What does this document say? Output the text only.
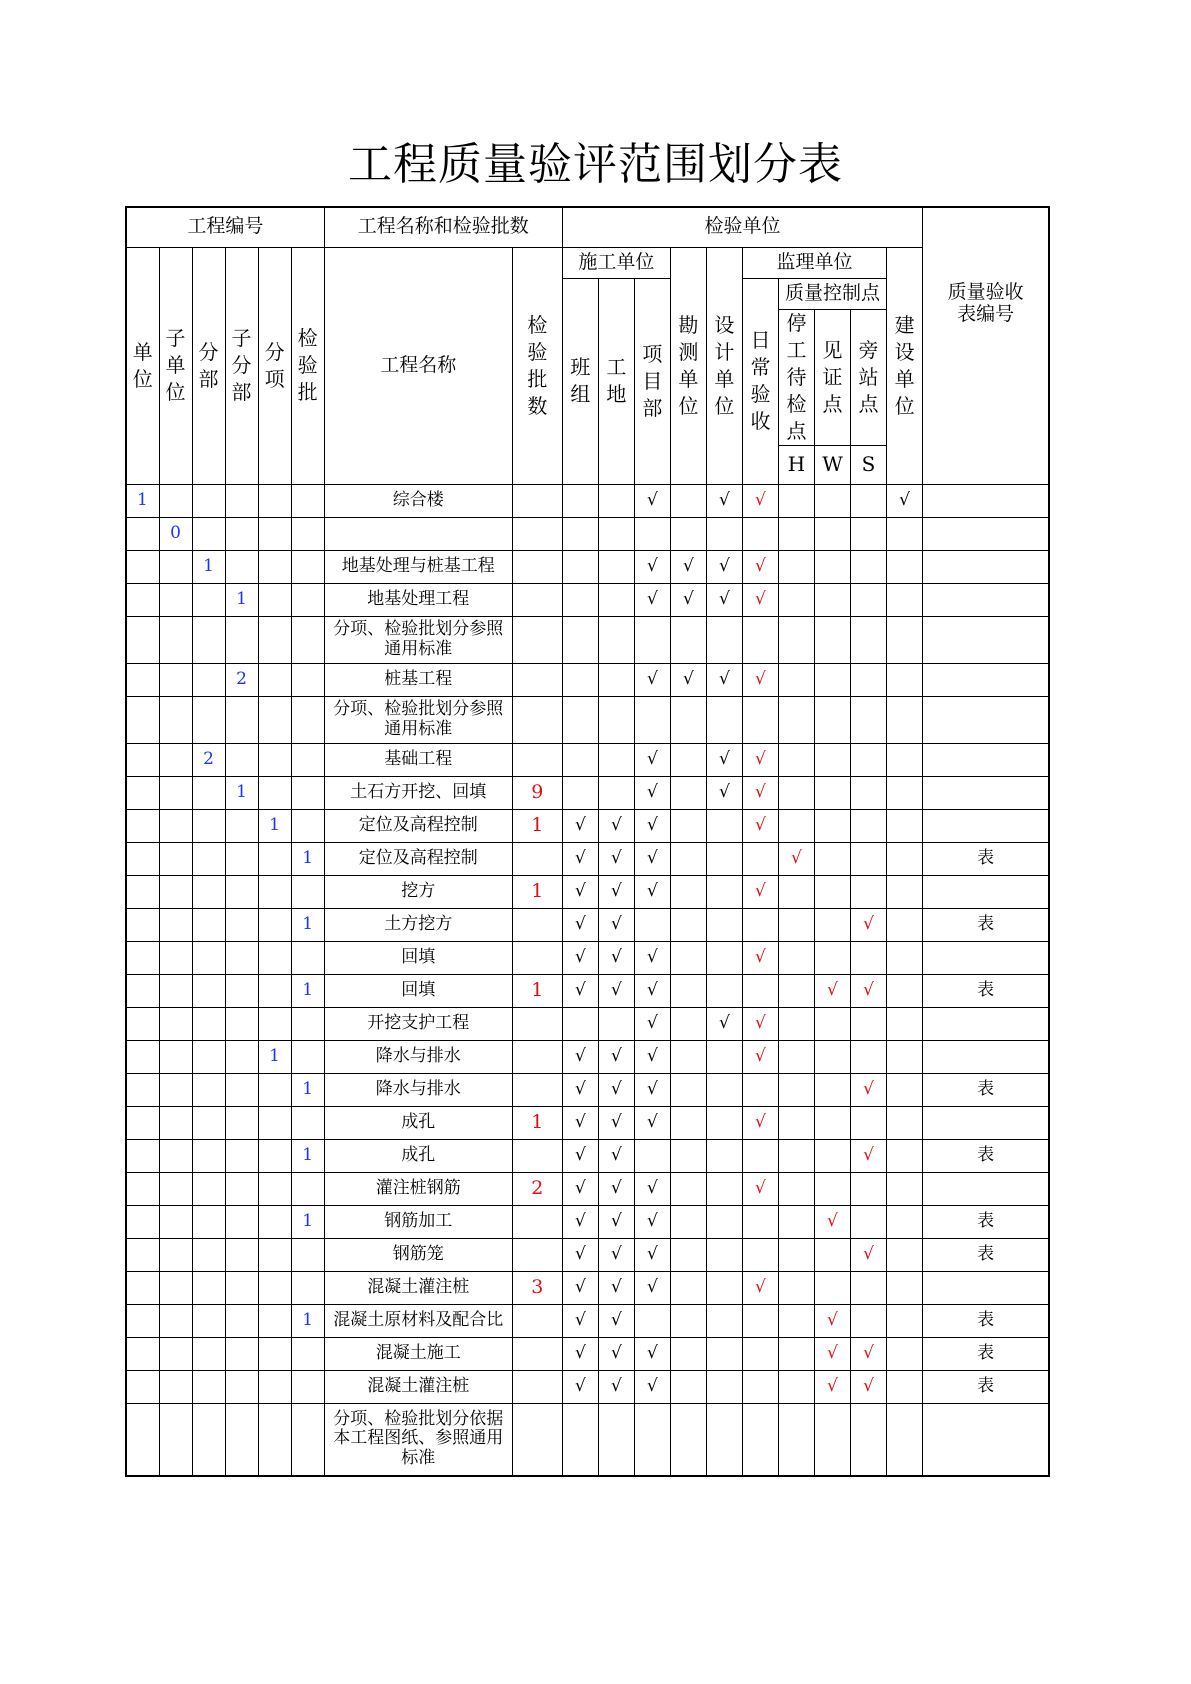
工程质量验评范围划分表
工程编号						工程名称和检验批数		检验单位										质量验收表编号

单位	子单位	分部	子分部	分项	检验批	工程名称	检验批数	施工单位			勘测单位	设计单位	监理单位				建设单位	

								班组	工地	项目部			日常验收	质量控制点				

														停工待检点	见证点	旁站点		

														H	W	S		
1						综合楼				√		√	√				√	
	0																	
		1				地基处理与桩基工程				√	√	√	√					
			1			地基处理工程				√	√	√	√					
						分项、检验批划分参照通用标准												
			2			桩基工程				√	√	√	√					
						分项、检验批划分参照通用标准												
		2				基础工程				√		√	√					
			1			土石方开挖、回填	9			√		√	√					
				1		定位及高程控制	1	√	√	√			√					
					1	定位及高程控制		√	√	√				√				表
						挖方	1	√	√	√			√					
					1	土方挖方		√	√							√		表
						回填		√	√	√			√					
					1	回填	1	√	√	√					√	√		表
						开挖支护工程				√		√	√					
				1		降水与排水		√	√	√			√					
					1	降水与排水		√	√	√						√		表
						成孔	1	√	√	√			√					
					1	成孔		√	√							√		表
						灌注桩钢筋	2	√	√	√			√					
					1	钢筋加工		√	√	√					√			表
						钢筋笼		√	√	√						√		表
						混凝土灌注桩	3	√	√	√			√					
					1	混凝土原材料及配合比		√	√						√			表
						混凝土施工		√	√	√					√	√		表
						混凝土灌注桩		√	√	√					√	√		表
						分项、检验批划分依据本工程图纸、参照通用标准												
